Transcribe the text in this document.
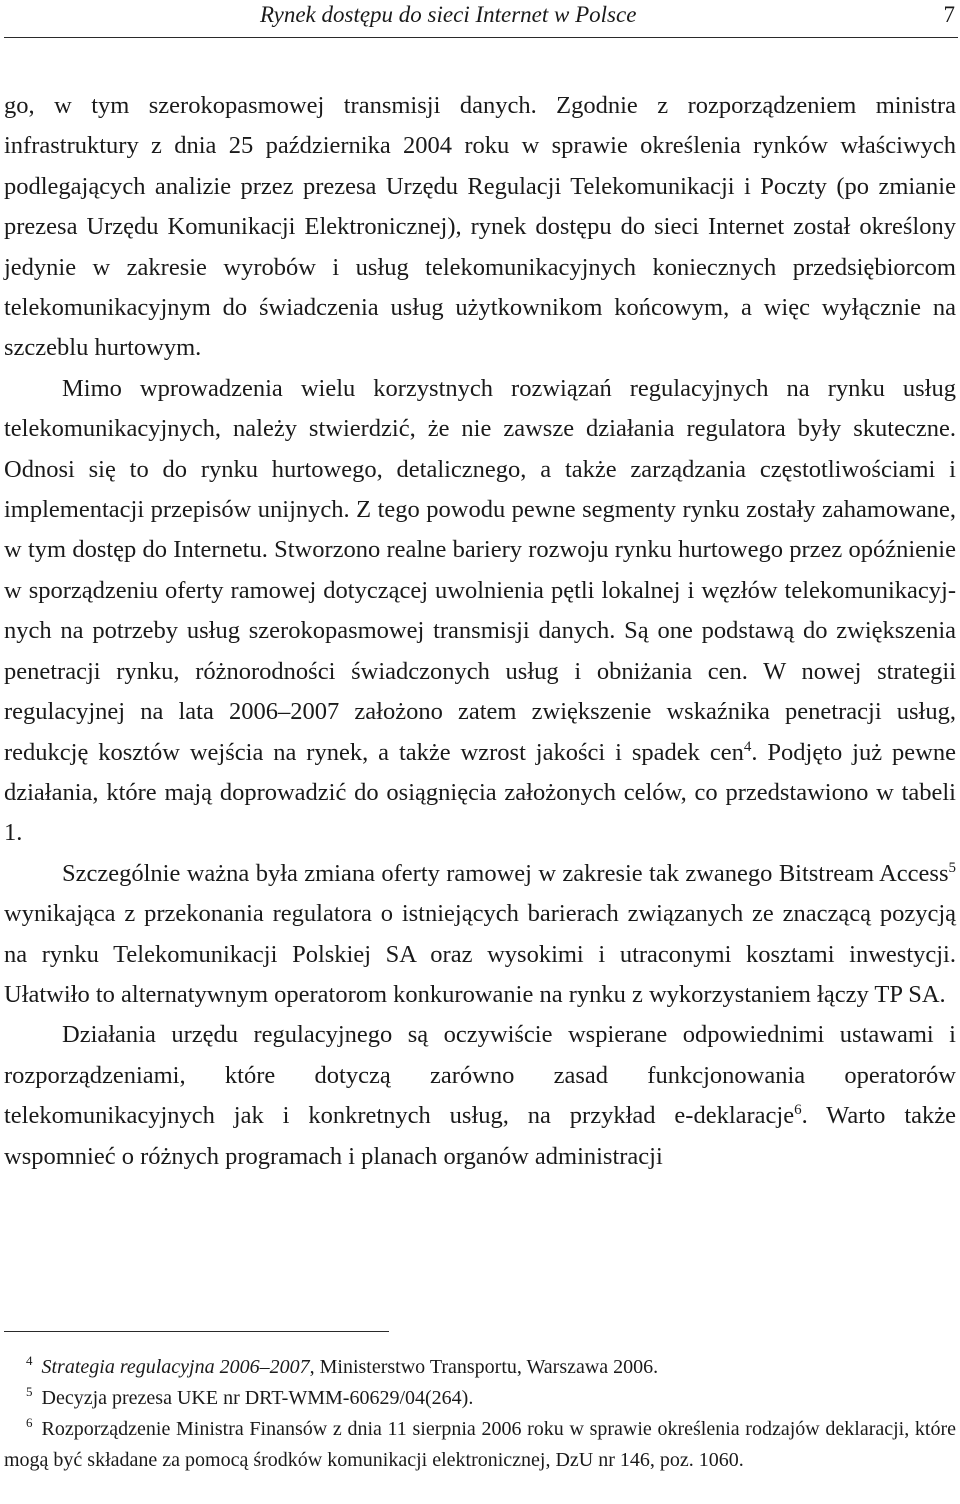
Rynek dostępu do sieci Internet w Polsce	7

go, w tym szerokopasmowej transmisji danych. Zgodnie z rozporządzeniem ministra infrastruktury z dnia 25 października 2004 roku w sprawie określenia rynków właściwych podlegających analizie przez prezesa Urzędu Regulacji Telekomunikacji i Poczty (po zmianie prezesa Urzędu Komunikacji Elektronicznej), rynek dostępu do sieci Internet został określony jedynie w zakresie wyrobów i usług telekomunikacyjnych koniecznych przedsiębiorcom telekomunikacyjnym do świadczenia usług użytkownikom końcowym, a więc wyłącznie na szczeblu hurtowym.

Mimo wprowadzenia wielu korzystnych rozwiązań regulacyjnych na rynku usług telekomunikacyjnych, należy stwierdzić, że nie zawsze działania regulatora były skuteczne. Odnosi się to do rynku hurtowego, detalicznego, a także zarządzania częstotliwościami i implementacji przepisów unijnych. Z tego powodu pewne segmenty rynku zostały zahamowane, w tym dostęp do Internetu. Stworzono realne bariery rozwoju rynku hurtowego przez opóźnienie w sporządzeniu oferty ramowej dotyczącej uwolnienia pętli lokalnej i węzłów telekomunikacyjnych na potrzeby usług szerokopasmowej transmisji danych. Są one podstawą do zwiększenia penetracji rynku, różnorodności świadczonych usług i obniżania cen. W nowej strategii regulacyjnej na lata 2006–2007 założono zatem zwiększenie wskaźnika penetracji usług, redukcję kosztów wejścia na rynek, a także wzrost jakości i spadek cen$^4$. Podjęto już pewne działania, które mają doprowadzić do osiągnięcia założonych celów, co przedstawiono w tabeli 1.

Szczególnie ważna była zmiana oferty ramowej w zakresie tak zwanego Bitstream Access$^5$ wynikająca z przekonania regulatora o istniejących barierach związanych ze znaczącą pozycją na rynku Telekomunikacji Polskiej SA oraz wysokimi i utraconymi kosztami inwestycji. Ułatwiło to alternatywnym operatorom konkurowanie na rynku z wykorzystaniem łączy TP SA.

Działania urzędu regulacyjnego są oczywiście wspierane odpowiednimi ustawami i rozporządzeniami, które dotyczą zarówno zasad funkcjonowania operatorów telekomunikacyjnych jak i konkretnych usług, na przykład e-deklaracje$^6$. Warto także wspomnieć o różnych programach i planach organów administracji

$^4$ Strategia regulacyjna 2006–2007, Ministerstwo Transportu, Warszawa 2006.

$^5$ Decyzja prezesa UKE nr DRT-WMM-60629/04(264).

$^6$ Rozporządzenie Ministra Finansów z dnia 11 sierpnia 2006 roku w sprawie określenia rodzajów deklaracji, które mogą być składane za pomocą środków komunikacji elektronicznej, DzU nr 146, poz. 1060.
